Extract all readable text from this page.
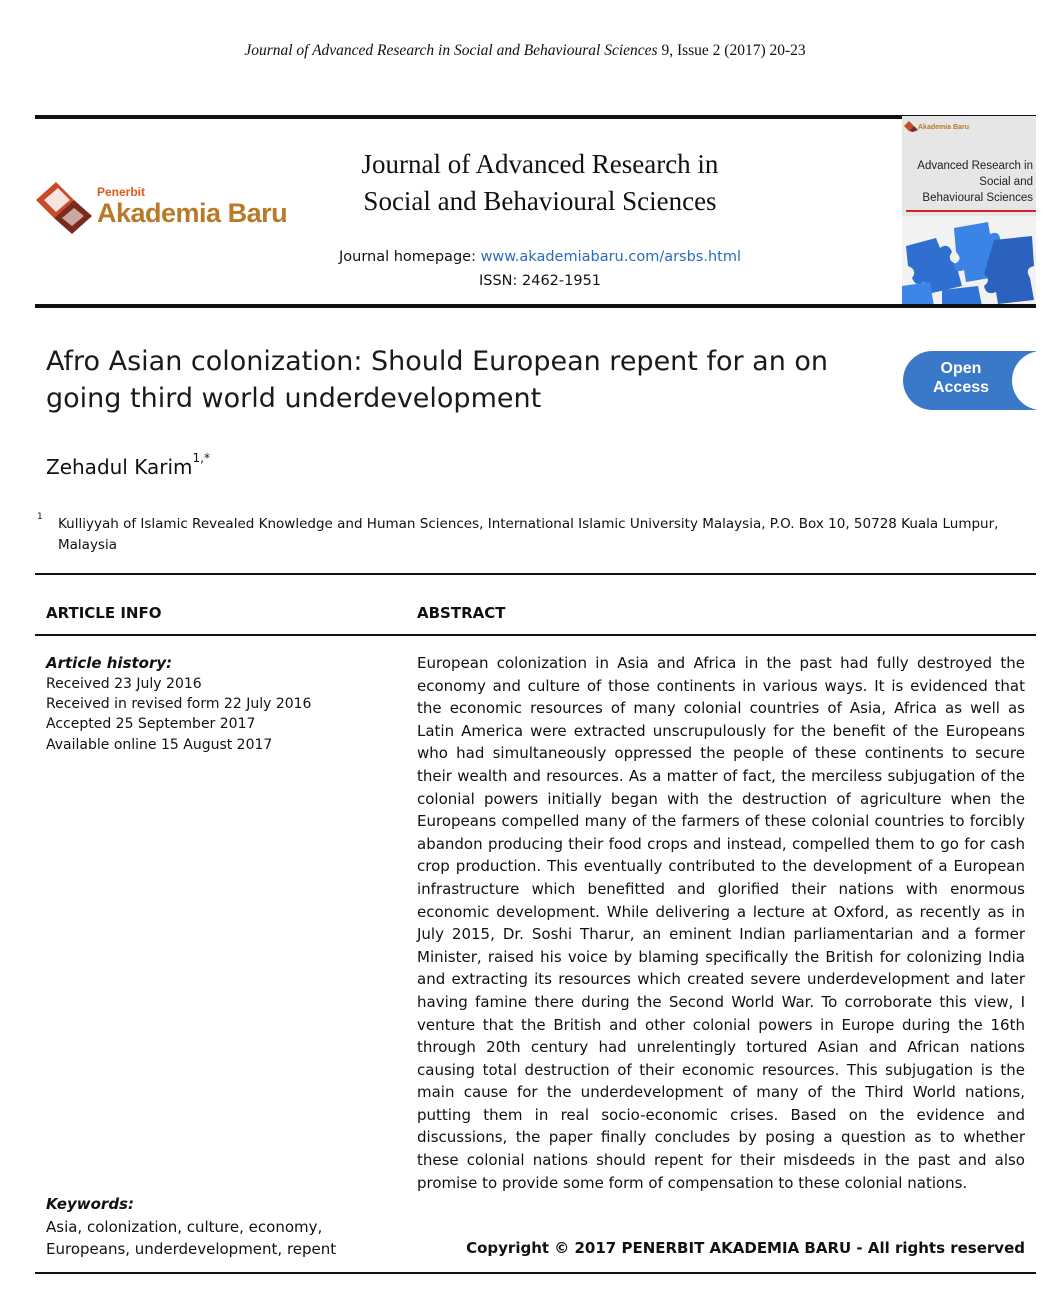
Journal of Advanced Research in Social and Behavioural Sciences 9, Issue 2 (2017) 20-23
Penerbit
Akademia Baru
Journal of Advanced Research in
Social and Behavioural Sciences
Journal homepage: www.akademiabaru.com/arsbs.html
ISSN: 2462-1951
Akademia Baru
Advanced Research in
Social and
Behavioural Sciences
Afro Asian colonization: Should European repent for an on
going third world underdevelopment
Open
Access
Zehadul Karim$^{1,*}$
1 Kulliyyah of Islamic Revealed Knowledge and Human Sciences, International Islamic University Malaysia, P.O. Box 10, 50728 Kuala Lumpur, Malaysia
ARTICLE INFO	ABSTRACT
Article history:
Received 23 July 2016
Received in revised form 22 July 2016
Accepted 25 September 2017
Available online 15 August 2017
European colonization in Asia and Africa in the past had fully destroyed the economy and culture of those continents in various ways. It is evidenced that the economic resources of many colonial countries of Asia, Africa as well as Latin America were extracted unscrupulously for the benefit of the Europeans who had simultaneously oppressed the people of these continents to secure their wealth and resources. As a matter of fact, the merciless subjugation of the colonial powers initially began with the destruction of agriculture when the Europeans compelled many of the farmers of these colonial countries to forcibly abandon producing their food crops and instead, compelled them to go for cash crop production. This eventually contributed to the development of a European infrastructure which benefitted and glorified their nations with enormous economic development. While delivering a lecture at Oxford, as recently as in July 2015, Dr. Soshi Tharur, an eminent Indian parliamentarian and a former Minister, raised his voice by blaming specifically the British for colonizing India and extracting its resources which created severe underdevelopment and later having famine there during the Second World War. To corroborate this view, I venture that the British and other colonial powers in Europe during the 16th through 20th century had unrelentingly tortured Asian and African nations causing total destruction of their economic resources. This subjugation is the main cause for the underdevelopment of many of the Third World nations, putting them in real socio-economic crises. Based on the evidence and discussions, the paper finally concludes by posing a question as to whether these colonial nations should repent for their misdeeds in the past and also promise to provide some form of compensation to these colonial nations.
Keywords:
Asia, colonization, culture, economy, Europeans, underdevelopment, repent	Copyright © 2017 PENERBIT AKADEMIA BARU - All rights reserved
